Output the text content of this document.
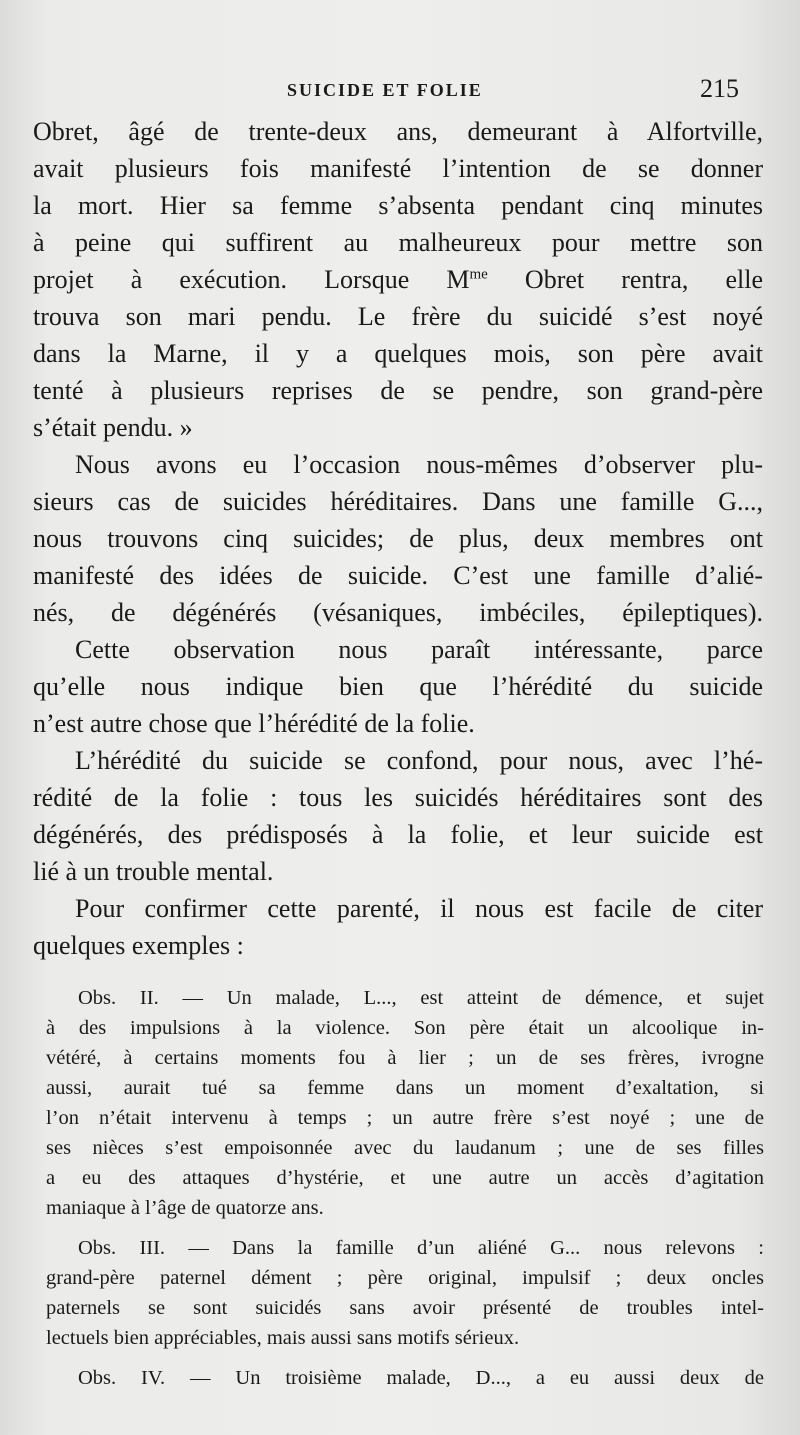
SUICIDE ET FOLIE	215
Obret, âgé de trente-deux ans, demeurant à Alfortville,
avait plusieurs fois manifesté l’intention de se donner
la mort. Hier sa femme s’absenta pendant cinq minutes
à peine qui suffirent au malheureux pour mettre son
projet à exécution. Lorsque $M^{me}$ Obret rentra, elle
trouva son mari pendu. Le frère du suicidé s’est noyé
dans la Marne, il y a quelques mois, son père avait
tenté à plusieurs reprises de se pendre, son grand-père
s’était pendu. »
Nous avons eu l’occasion nous-mêmes d’observer plu-
sieurs cas de suicides héréditaires. Dans une famille G...,
nous trouvons cinq suicides; de plus, deux membres ont
manifesté des idées de suicide. C’est une famille d’alié-
nés, de dégénérés (vésaniques, imbéciles, épileptiques).
Cette observation nous paraît intéressante, parce
qu’elle nous indique bien que l’hérédité du suicide
n’est autre chose que l’hérédité de la folie.
L’hérédité du suicide se confond, pour nous, avec l’hé-
rédité de la folie : tous les suicidés héréditaires sont des
dégénérés, des prédisposés à la folie, et leur suicide est
lié à un trouble mental.
Pour confirmer cette parenté, il nous est facile de citer
quelques exemples :
Obs. II. — Un malade, L..., est atteint de démence, et sujet
à des impulsions à la violence. Son père était un alcoolique in-
vétéré, à certains moments fou à lier ; un de ses frères, ivrogne
aussi, aurait tué sa femme dans un moment d’exaltation, si
l’on n’était intervenu à temps ; un autre frère s’est noyé ; une de
ses nièces s’est empoisonnée avec du laudanum ; une de ses filles
a eu des attaques d’hystérie, et une autre un accès d’agitation
maniaque à l’âge de quatorze ans.
Obs. III. — Dans la famille d’un aliéné G... nous relevons :
grand-père paternel dément ; père original, impulsif ; deux oncles
paternels se sont suicidés sans avoir présenté de troubles intel-
lectuels bien appréciables, mais aussi sans motifs sérieux.
Obs. IV. — Un troisième malade, D..., a eu aussi deux de
